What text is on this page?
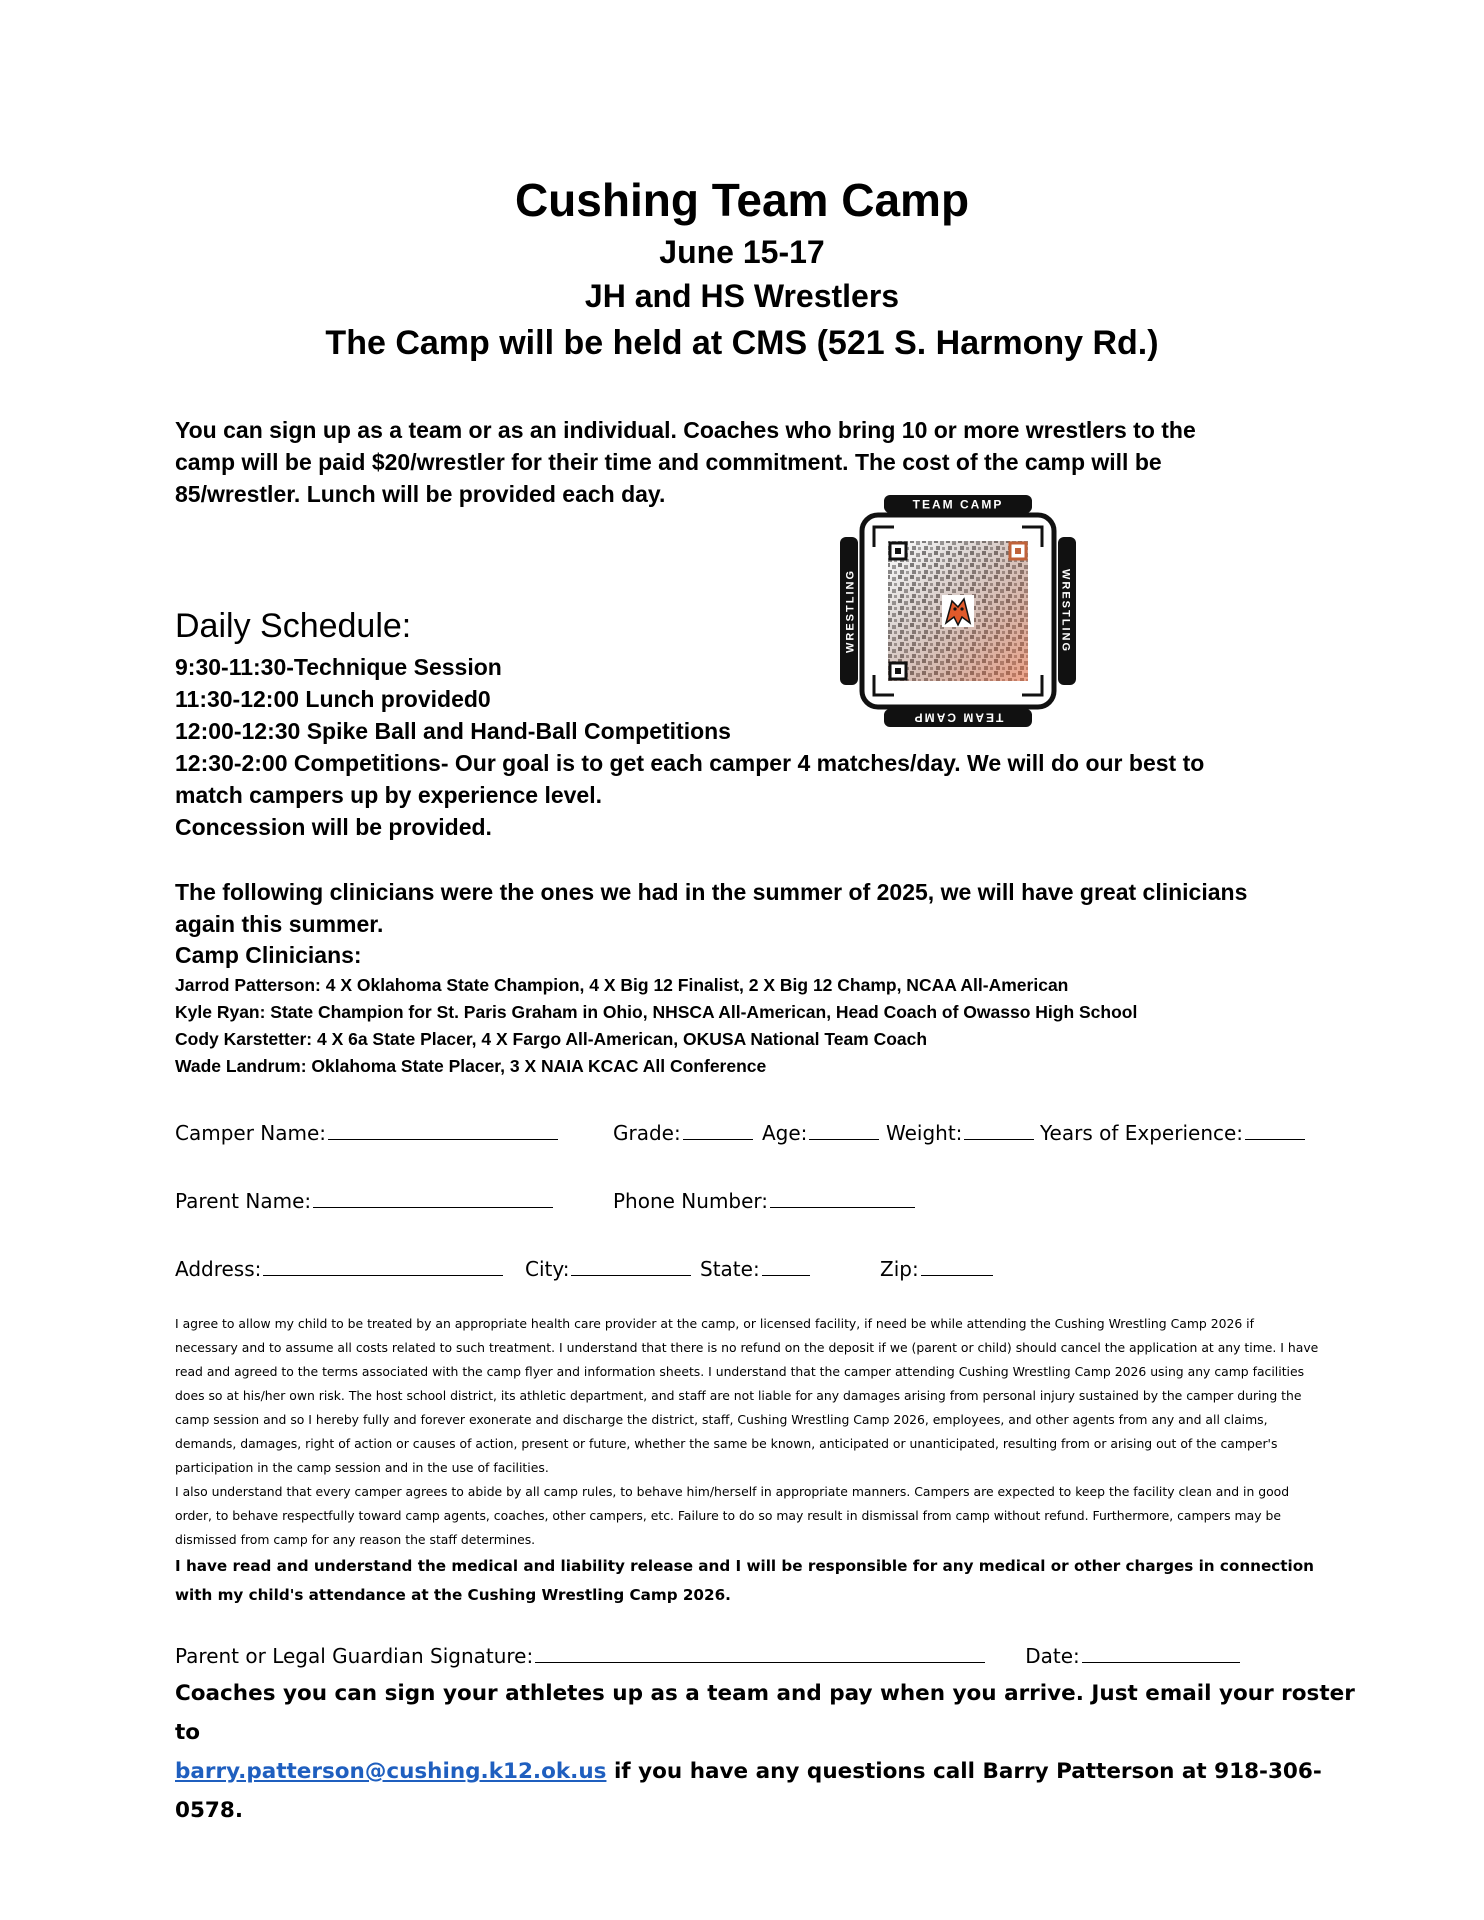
Cushing Team Camp
June 15-17
JH and HS Wrestlers
The Camp will be held at CMS (521 S. Harmony Rd.)
You can sign up as a team or as an individual. Coaches who bring 10 or more wrestlers to the
camp will be paid $20/wrestler for their time and commitment. The cost of the camp will be
85/wrestler. Lunch will be provided each day.	TEAM CAMP
TEAM CAMP
WRESTLING	WRESTLING
Daily Schedule:
9:30-11:30-Technique Session
11:30-12:00 Lunch provided0
12:00-12:30 Spike Ball and Hand-Ball Competitions
12:30-2:00 Competitions- Our goal is to get each camper 4 matches/day. We will do our best to
match campers up by experience level.
Concession will be provided.
The following clinicians were the ones we had in the summer of 2025, we will have great clinicians
again this summer.
Camp Clinicians:
Jarrod Patterson: 4 X Oklahoma State Champion, 4 X Big 12 Finalist, 2 X Big 12 Champ, NCAA All-American
Kyle Ryan: State Champion for St. Paris Graham in Ohio, NHSCA All-American, Head Coach of Owasso High School
Cody Karstetter: 4 X 6a State Placer, 4 X Fargo All-American, OKUSA National Team Coach
Wade Landrum: Oklahoma State Placer, 3 X NAIA KCAC All Conference
Camper Name:	Grade:	Age:	Weight:	Years of Experience:
Parent Name:	Phone Number:
Address:	City:	State:	Zip:
I agree to allow my child to be treated by an appropriate health care provider at the camp, or licensed facility, if need be while attending the Cushing Wrestling Camp 2026 if necessary and to assume all costs related to such treatment. I understand that there is no refund on the deposit if we (parent or child) should cancel the application at any time. I have read and agreed to the terms associated with the camp flyer and information sheets. I understand that the camper attending Cushing Wrestling Camp 2026 using any camp facilities does so at his/her own risk. The host school district, its athletic department, and staff are not liable for any damages arising from personal injury sustained by the camper during the camp session and so I hereby fully and forever exonerate and discharge the district, staff, Cushing Wrestling Camp 2026, employees, and other agents from any and all claims, demands, damages, right of action or causes of action, present or future, whether the same be known, anticipated or unanticipated, resulting from or arising out of the camper's participation in the camp session and in the use of facilities.
I also understand that every camper agrees to abide by all camp rules, to behave him/herself in appropriate manners. Campers are expected to keep the facility clean and in good order, to behave respectfully toward camp agents, coaches, other campers, etc. Failure to do so may result in dismissal from camp without refund. Furthermore, campers may be dismissed from camp for any reason the staff determines.
I have read and understand the medical and liability release and I will be responsible for any medical or other charges in connection with my child's attendance at the Cushing Wrestling Camp 2026.
Parent or Legal Guardian Signature:	Date:
Coaches you can sign your athletes up as a team and pay when you arrive. Just email your roster to
barry.patterson@cushing.k12.ok.us if you have any questions call Barry Patterson at 918-306-0578.
